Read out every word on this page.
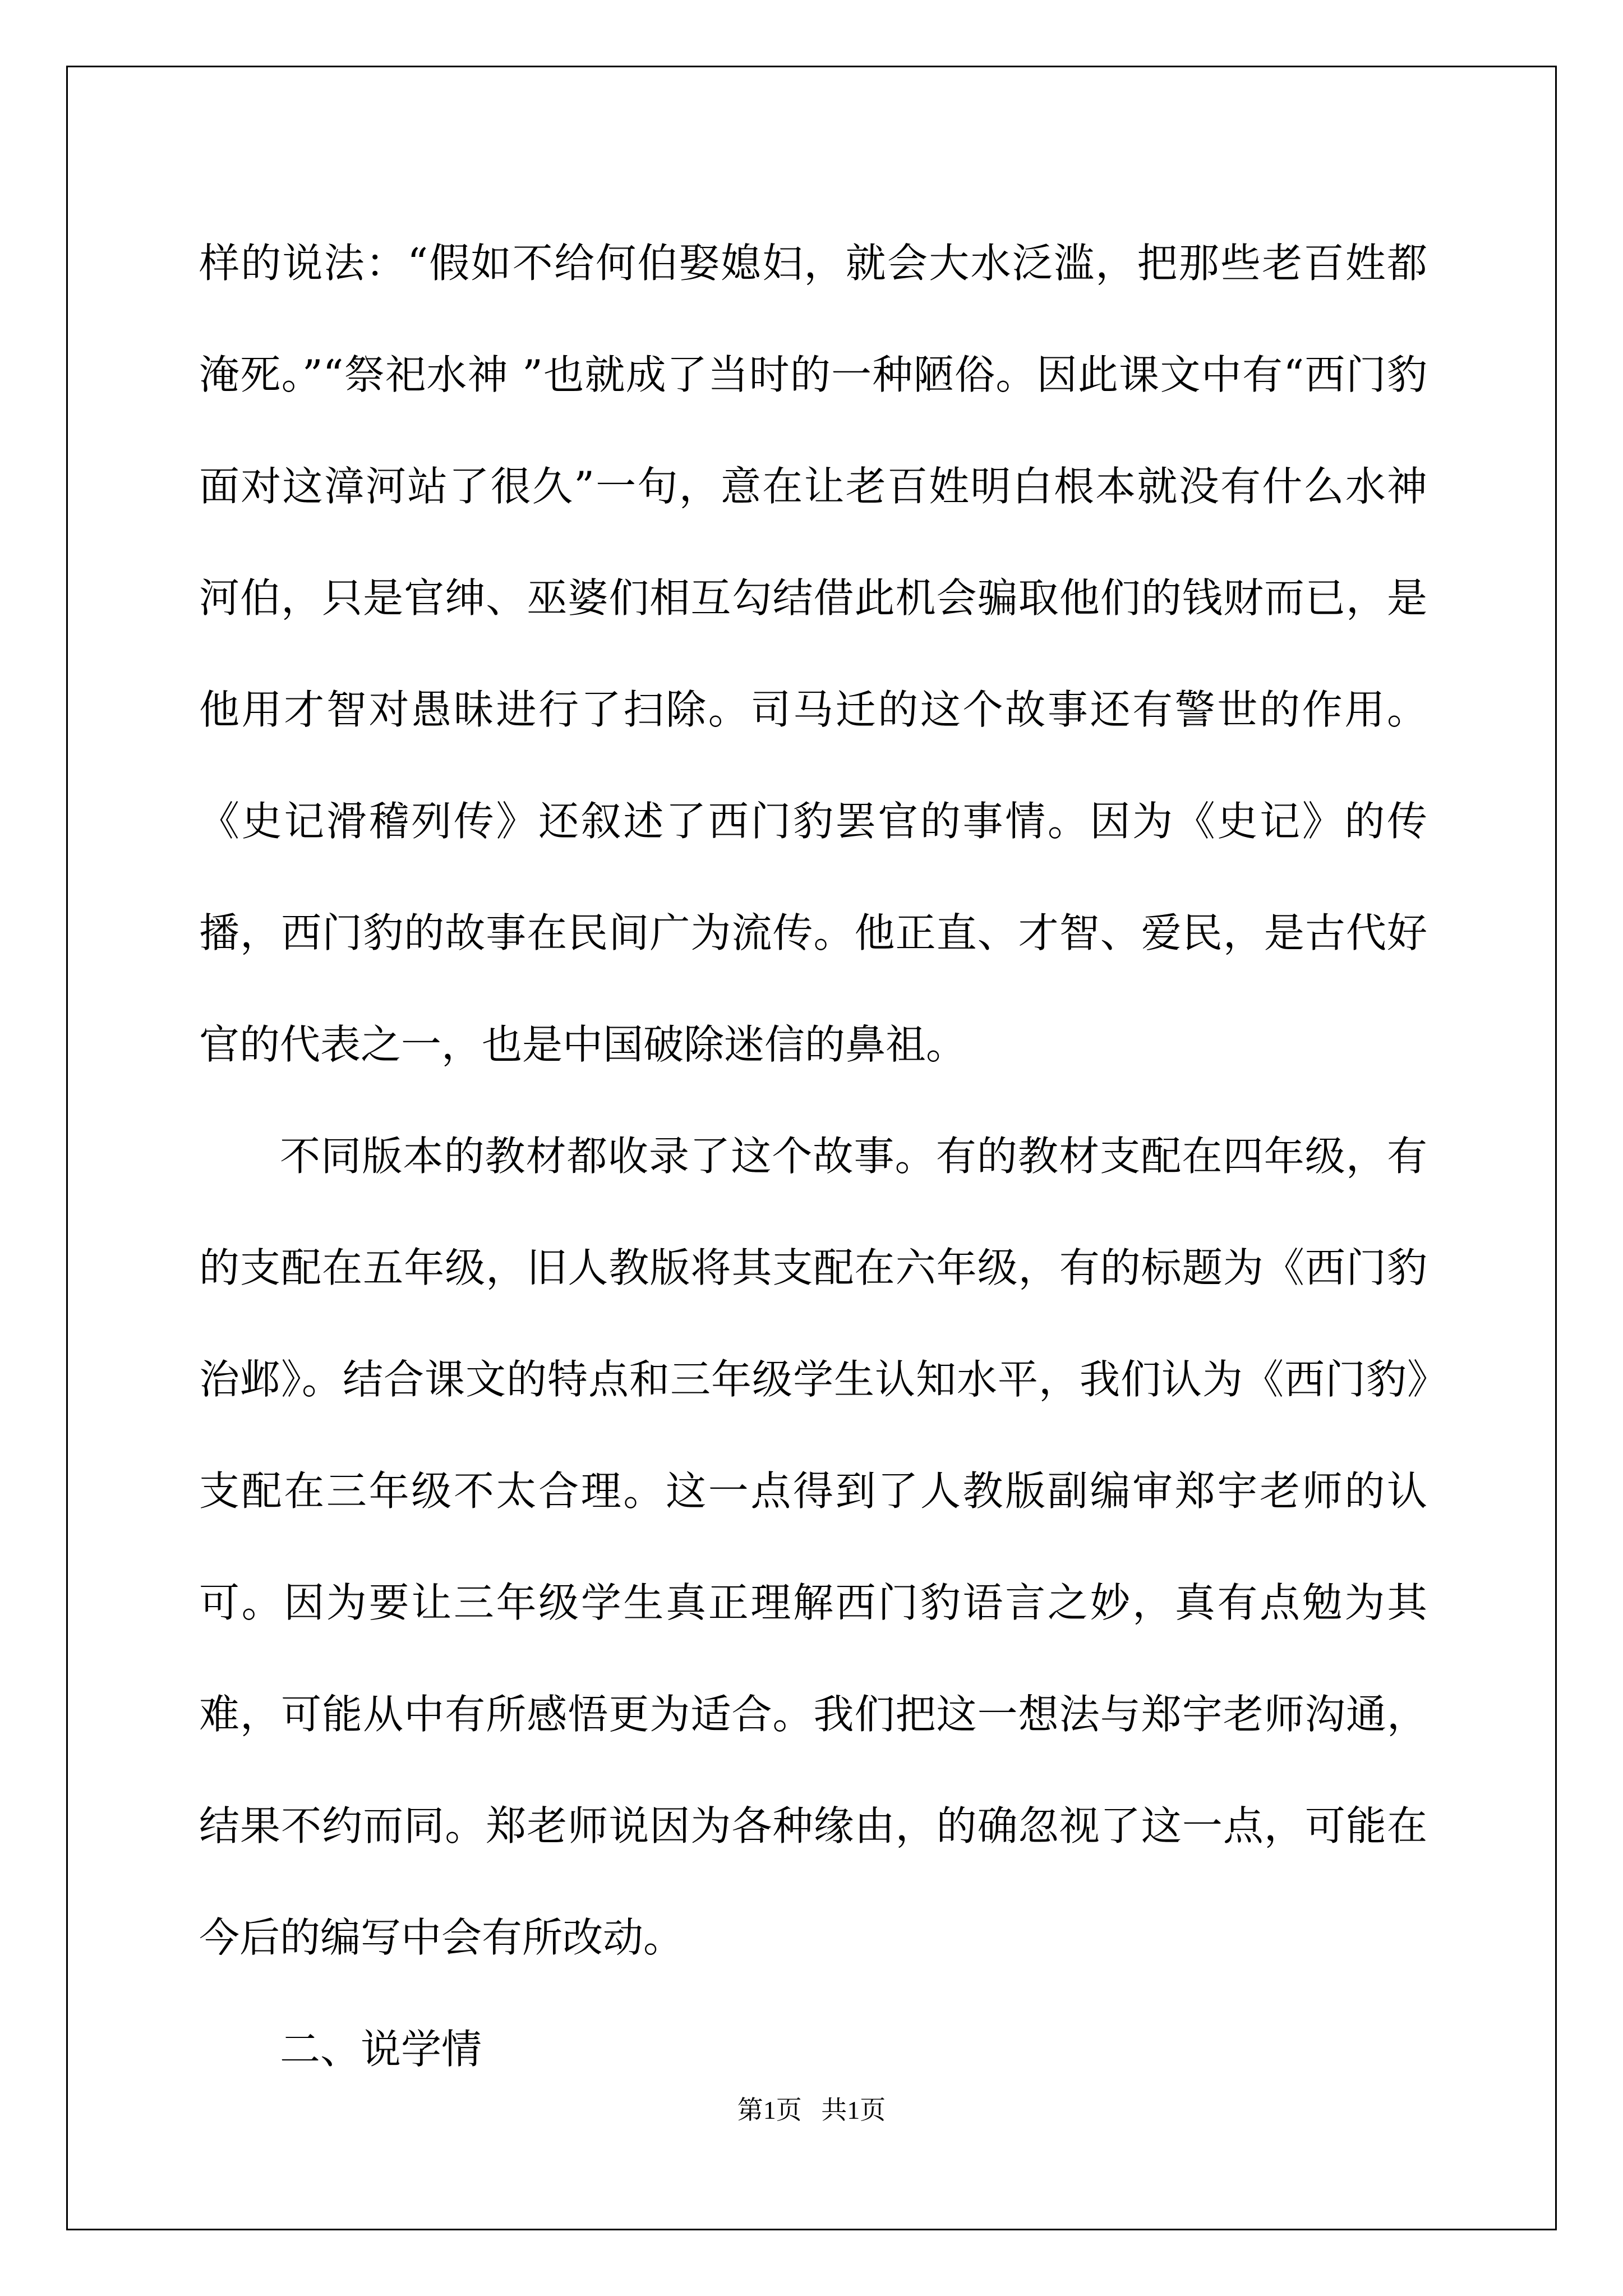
样的说法：“假如不给何伯娶媳妇，就会大水泛滥，把那些老百姓都淹死。”“祭祀水神 ”也就成了当时的一种陋俗。因此课文中有“西门豹面对这漳河站了很久”一句，意在让老百姓明白根本就没有什么水神河伯，只是官绅、巫婆们相互勾结借此机会骗取他们的钱财而已，是他用才智对愚昧进行了扫除。司马迁的这个故事还有警世的作用。《史记滑稽列传》还叙述了西门豹罢官的事情。因为《史记》的传播，西门豹的故事在民间广为流传。他正直、才智、爱民，是古代好官的代表之一，也是中国破除迷信的鼻祖。

不同版本的教材都收录了这个故事。有的教材支配在四年级，有的支配在五年级，旧人教版将其支配在六年级，有的标题为《西门豹治邺》。结合课文的特点和三年级学生认知水平，我们认为《西门豹》支配在三年级不太合理。这一点得到了人教版副编审郑宇老师的认可。因为要让三年级学生真正理解西门豹语言之妙，真有点勉为其难，可能从中有所感悟更为适合。我们把这一想法与郑宇老师沟通，结果不约而同。郑老师说因为各种缘由，的确忽视了这一点，可能在今后的编写中会有所改动。

二、说学情

第1页 共1页
